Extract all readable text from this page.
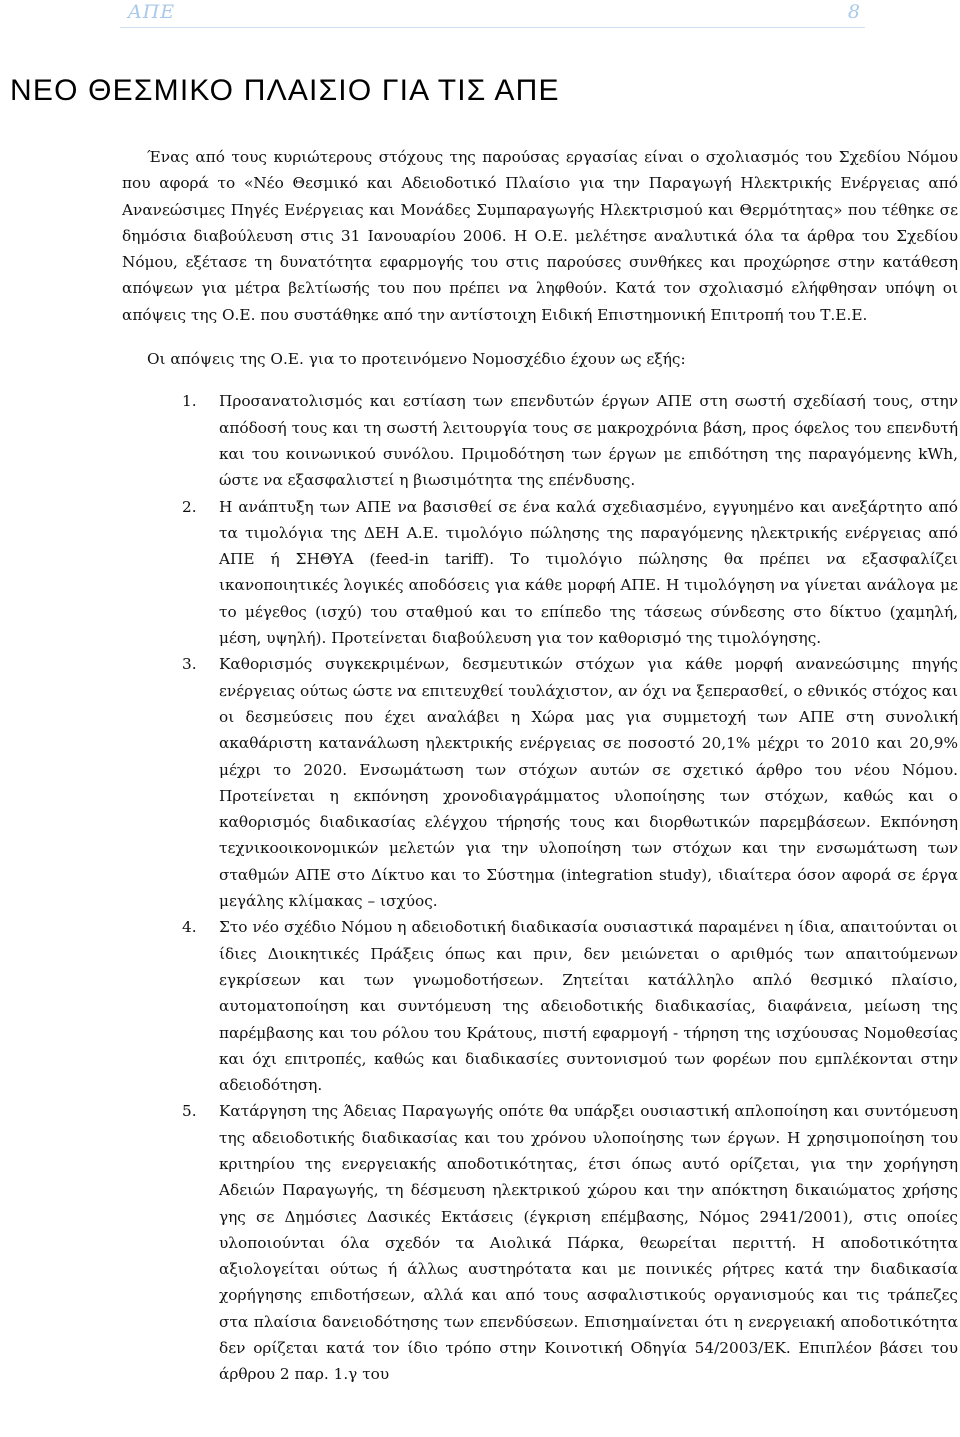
ΑΠΕ	8
ΝΕΟ ΘΕΣΜΙΚΟ ΠΛΑΙΣΙΟ ΓΙΑ ΤΙΣ ΑΠΕ

Ένας από τους κυριώτερους στόχους της παρούσας εργασίας είναι ο σχολιασμός του Σχεδίου Νόμου που αφορά το «Νέο Θεσμικό και Αδειοδοτικό Πλαίσιο για την Παραγωγή Ηλεκτρικής Ενέργειας από Ανανεώσιμες Πηγές Ενέργειας και Μονάδες Συμπαραγωγής Ηλεκτρισμού και Θερμότητας» που τέθηκε σε δημόσια διαβούλευση στις 31 Ιανουαρίου 2006. Η Ο.Ε. μελέτησε αναλυτικά όλα τα άρθρα του Σχεδίου Νόμου, εξέτασε τη δυνατότητα εφαρμογής του στις παρούσες συνθήκες και προχώρησε στην κατάθεση απόψεων για μέτρα βελτίωσής του που πρέπει να ληφθούν. Κατά τον σχολιασμό ελήφθησαν υπόψη οι απόψεις της Ο.Ε. που συστάθηκε από την αντίστοιχη Ειδική Επιστημονική Επιτροπή του Τ.Ε.Ε.

Οι απόψεις της Ο.Ε. για το προτεινόμενο Νομοσχέδιο έχουν ως εξής:

Προσανατολισμός και εστίαση των επενδυτών έργων ΑΠΕ στη σωστή σχεδίασή τους, στην απόδοσή τους και τη σωστή λειτουργία τους σε μακροχρόνια βάση, προς όφελος του επενδυτή και του κοινωνικού συνόλου. Πριμοδότηση των έργων με επιδότηση της παραγόμενης kWh, ώστε να εξασφαλιστεί η βιωσιμότητα της επένδυσης.
Η ανάπτυξη των ΑΠΕ να βασισθεί σε ένα καλά σχεδιασμένο, εγγυημένο και ανεξάρτητο από τα τιμολόγια της ΔΕΗ Α.Ε. τιμολόγιο πώλησης της παραγόμενης ηλεκτρικής ενέργειας από ΑΠΕ ή ΣΗΘΥΑ (feed-in tariff). Το τιμολόγιο πώλησης θα πρέπει να εξασφαλίζει ικανοποιητικές λογικές αποδόσεις για κάθε μορφή ΑΠΕ. Η τιμολόγηση να γίνεται ανάλογα με το μέγεθος (ισχύ) του σταθμού και το επίπεδο της τάσεως σύνδεσης στο δίκτυο (χαμηλή, μέση, υψηλή). Προτείνεται διαβούλευση για τον καθορισμό της τιμολόγησης.
Καθορισμός συγκεκριμένων, δεσμευτικών στόχων για κάθε μορφή ανανεώσιμης πηγής ενέργειας ούτως ώστε να επιτευχθεί τουλάχιστον, αν όχι να ξεπερασθεί, ο εθνικός στόχος και οι δεσμεύσεις που έχει αναλάβει η Χώρα μας για συμμετοχή των ΑΠΕ στη συνολική ακαθάριστη κατανάλωση ηλεκτρικής ενέργειας σε ποσοστό 20,1% μέχρι το 2010 και 20,9% μέχρι το 2020. Ενσωμάτωση των στόχων αυτών σε σχετικό άρθρο του νέου Νόμου. Προτείνεται η εκπόνηση χρονοδιαγράμματος υλοποίησης των στόχων, καθώς και ο καθορισμός διαδικασίας ελέγχου τήρησής τους και διορθωτικών παρεμβάσεων. Εκπόνηση τεχνικοοικονομικών μελετών για την υλοποίηση των στόχων και την ενσωμάτωση των σταθμών ΑΠΕ στο Δίκτυο και το Σύστημα (integration study), ιδιαίτερα όσον αφορά σε έργα μεγάλης κλίμακας – ισχύος.
Στο νέο σχέδιο Νόμου η αδειοδοτική διαδικασία ουσιαστικά παραμένει η ίδια, απαιτούνται οι ίδιες Διοικητικές Πράξεις όπως και πριν, δεν μειώνεται ο αριθμός των απαιτούμενων εγκρίσεων και των γνωμοδοτήσεων. Ζητείται κατάλληλο απλό θεσμικό πλαίσιο, αυτοματοποίηση και συντόμευση της αδειοδοτικής διαδικασίας, διαφάνεια, μείωση της παρέμβασης και του ρόλου του Κράτους, πιστή εφαρμογή - τήρηση της ισχύουσας Νομοθεσίας και όχι επιτροπές, καθώς και διαδικασίες συντονισμού των φορέων που εμπλέκονται στην αδειοδότηση.
Κατάργηση της Άδειας Παραγωγής οπότε θα υπάρξει ουσιαστική απλοποίηση και συντόμευση της αδειοδοτικής διαδικασίας και του χρόνου υλοποίησης των έργων. Η χρησιμοποίηση του κριτηρίου της ενεργειακής αποδοτικότητας, έτσι όπως αυτό ορίζεται, για την χορήγηση Αδειών Παραγωγής, τη δέσμευση ηλεκτρικού χώρου και την απόκτηση δικαιώματος χρήσης γης σε Δημόσιες Δασικές Εκτάσεις (έγκριση επέμβασης, Νόμος 2941/2001), στις οποίες υλοποιούνται όλα σχεδόν τα Αιολικά Πάρκα, θεωρείται περιττή. Η αποδοτικότητα αξιολογείται ούτως ή άλλως αυστηρότατα και με ποινικές ρήτρες κατά την διαδικασία χορήγησης επιδοτήσεων, αλλά και από τους ασφαλιστικούς οργανισμούς και τις τράπεζες στα πλαίσια δανειοδότησης των επενδύσεων. Επισημαίνεται ότι η ενεργειακή αποδοτικότητα δεν ορίζεται κατά τον ίδιο τρόπο στην Κοινοτική Οδηγία 54/2003/ΕΚ. Επιπλέον βάσει του άρθρου 2 παρ. 1.γ του
